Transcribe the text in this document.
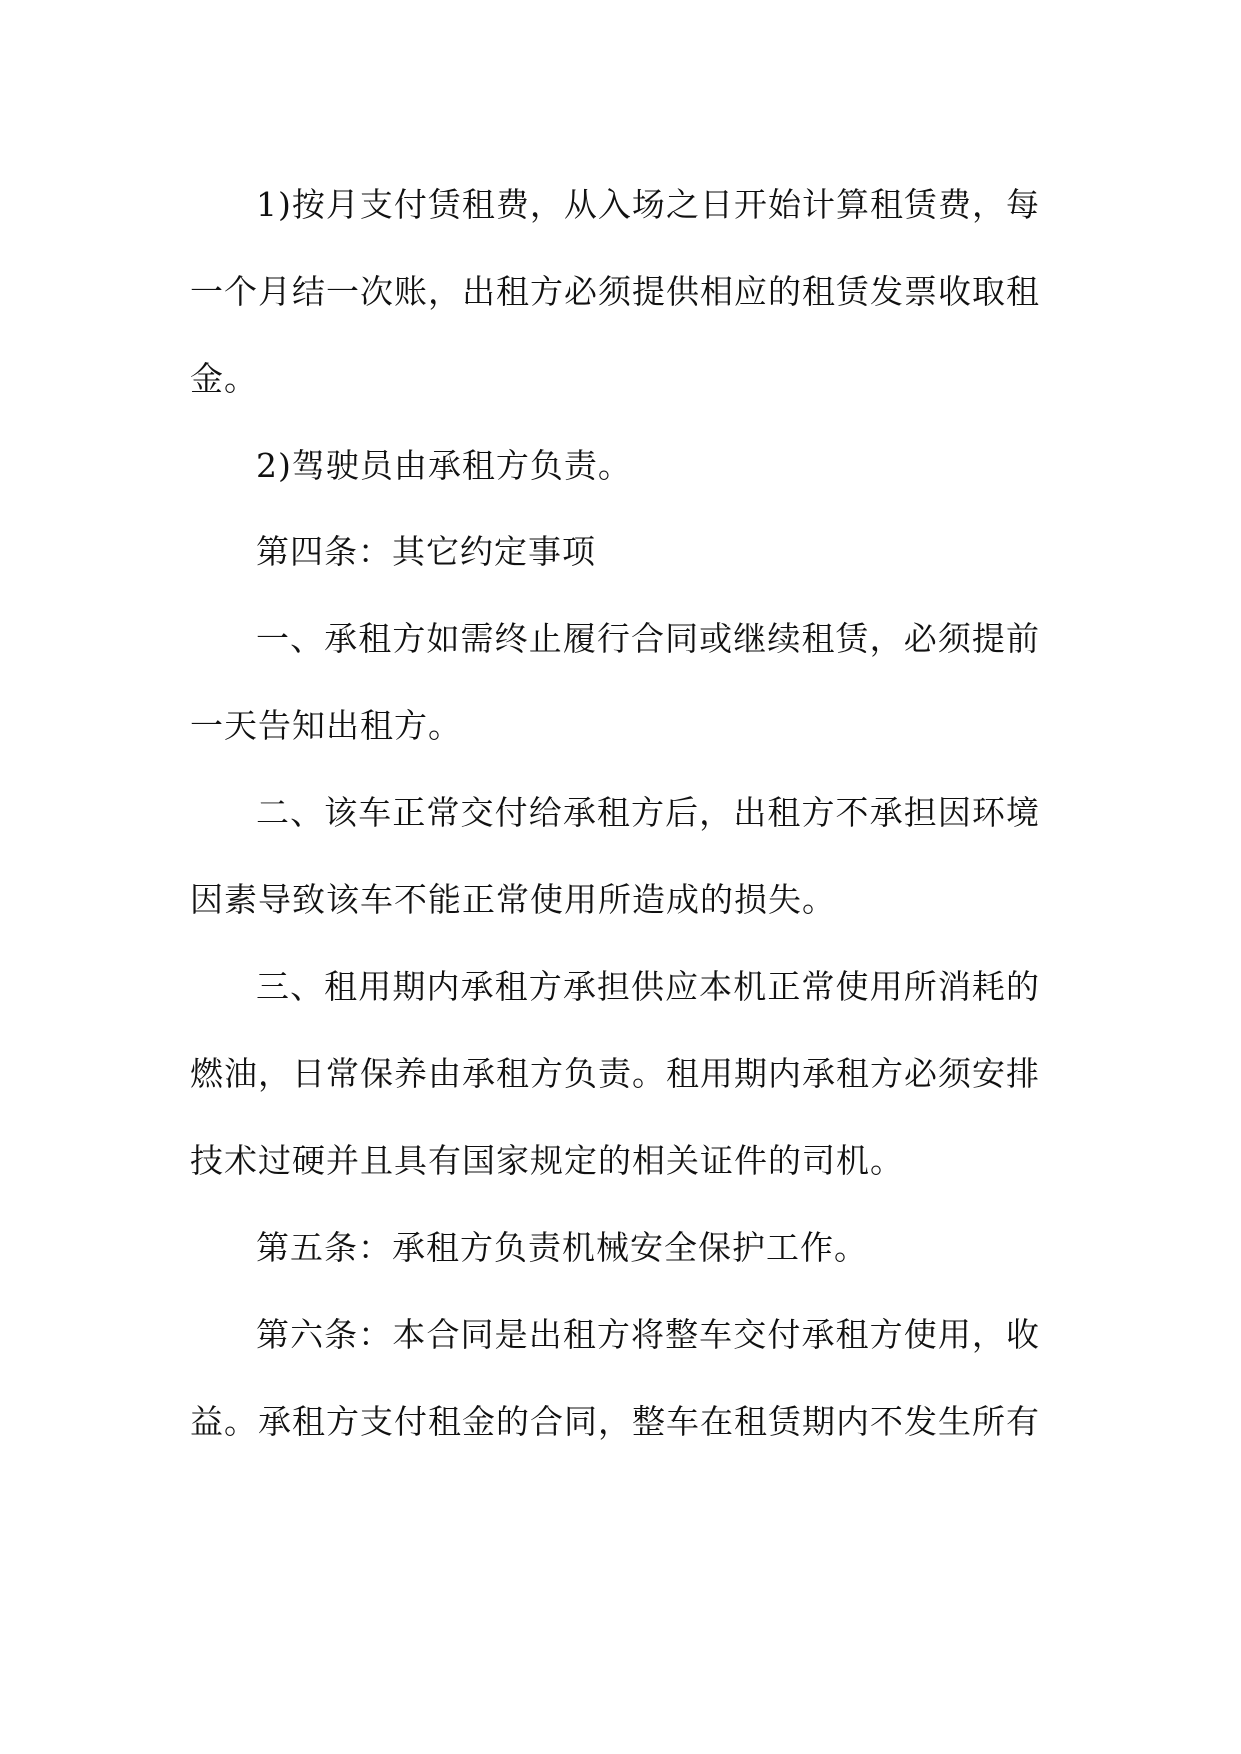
1)按月支付赁租费，从入场之日开始计算租赁费，每
一个月结一次账，出租方必须提供相应的租赁发票收取租
金。
2)驾驶员由承租方负责。
第四条：其它约定事项
一、承租方如需终止履行合同或继续租赁，必须提前
一天告知出租方。
二、该车正常交付给承租方后，出租方不承担因环境
因素导致该车不能正常使用所造成的损失。
三、租用期内承租方承担供应本机正常使用所消耗的
燃油，日常保养由承租方负责。租用期内承租方必须安排
技术过硬并且具有国家规定的相关证件的司机。
第五条：承租方负责机械安全保护工作。
第六条：本合同是出租方将整车交付承租方使用，收
益。承租方支付租金的合同，整车在租赁期内不发生所有
